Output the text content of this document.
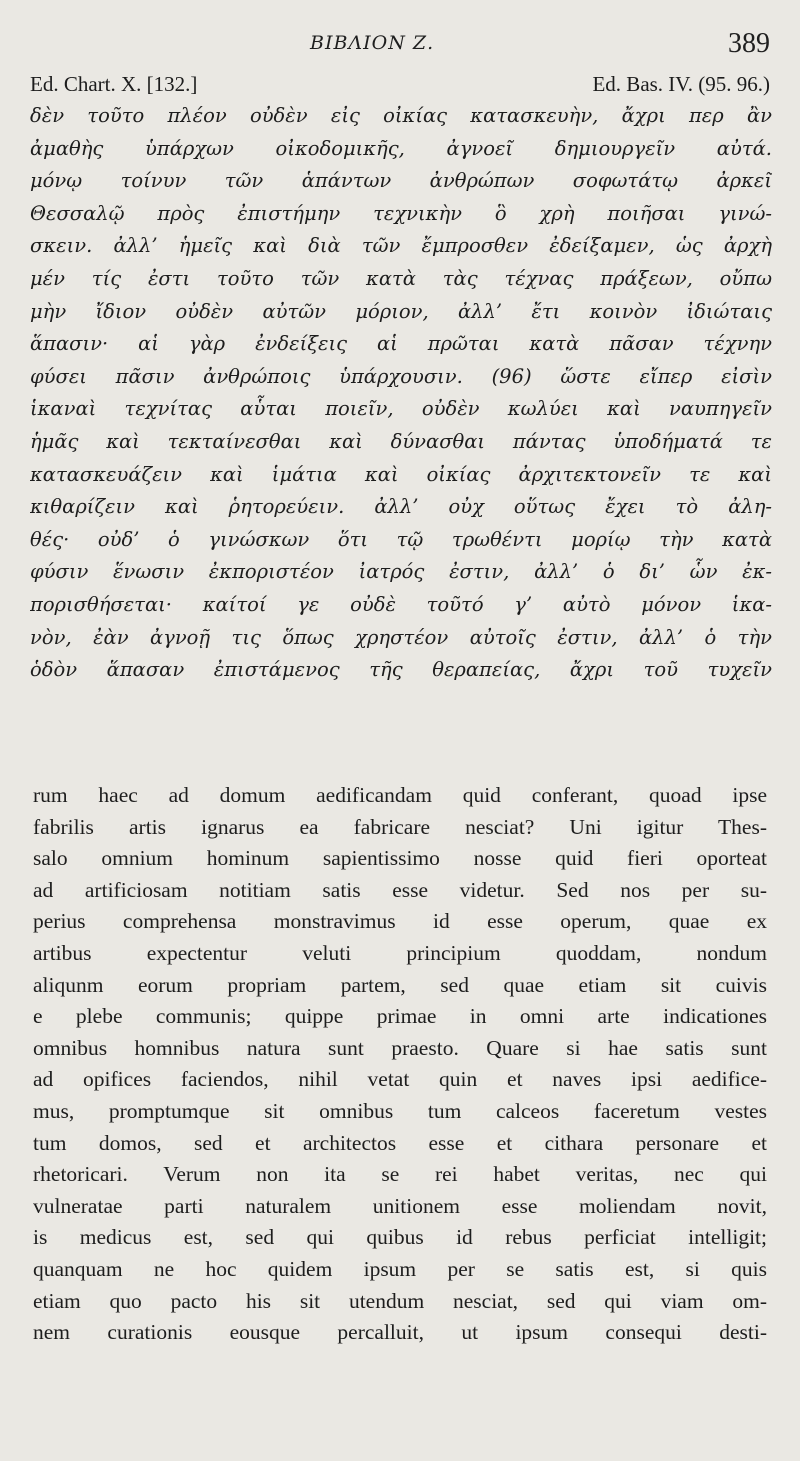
ΒΙΒΛΙΟΝ Ζ.	389
Ed. Chart. X. [132.]	Ed. Bas. IV. (95. 96.)
δὲν τοῦτο πλέον οὐδὲν εἰς οἰκίας κατασκευὴν, ἄχρι περ ἂν
ἀμαθὴς ὑπάρχων οἰκοδομικῆς, ἀγνοεῖ δημιουργεῖν αὐτά.
μόνῳ τοίνυν τῶν ἁπάντων ἀνθρώπων σοφωτάτῳ ἀρκεῖ
Θεσσαλῷ πρὸς ἐπιστήμην τεχνικὴν ὃ χρὴ ποιῆσαι γινώ-
σκειν. ἀλλ’ ἡμεῖς καὶ διὰ τῶν ἔμπροσθεν ἐδείξαμεν, ὡς ἀρχὴ
μέν τίς ἐστι τοῦτο τῶν κατὰ τὰς τέχνας πράξεων, οὔπω
μὴν ἴδιον οὐδὲν αὐτῶν μόριον, ἀλλ’ ἔτι κοινὸν ἰδιώταις
ἅπασιν· αἱ γὰρ ἐνδείξεις αἱ πρῶται κατὰ πᾶσαν τέχνην
φύσει πᾶσιν ἀνθρώποις ὑπάρχουσιν. (96) ὥστε εἴπερ εἰσὶν
ἱκαναὶ τεχνίτας αὗται ποιεῖν, οὐδὲν κωλύει καὶ ναυπηγεῖν
ἡμᾶς καὶ τεκταίνεσθαι καὶ δύνασθαι πάντας ὑποδήματά τε
κατασκευάζειν καὶ ἱμάτια καὶ οἰκίας ἀρχιτεκτονεῖν τε καὶ
κιθαρίζειν καὶ ῥητορεύειν. ἀλλ’ οὐχ οὕτως ἔχει τὸ ἀλη-
θές· οὐδ’ ὁ γινώσκων ὅτι τῷ τρωθέντι μορίῳ τὴν κατὰ
φύσιν ἕνωσιν ἐκποριστέον ἰατρός ἐστιν, ἀλλ’ ὁ δι’ ὧν ἐκ-
πορισθήσεται· καίτοί γε οὐδὲ τοῦτό γ’ αὐτὸ μόνον ἱκα-
νὸν, ἐὰν ἀγνοῇ τις ὅπως χρηστέον αὐτοῖς ἐστιν, ἀλλ’ ὁ τὴν
ὁδὸν ἅπασαν ἐπιστάμενος τῆς θεραπείας, ἄχρι τοῦ τυχεῖν
rum haec ad domum aedificandam quid conferant, quoad ipse
fabrilis artis ignarus ea fabricare nesciat? Uni igitur Thes-
salo omnium hominum sapientissimo nosse quid fieri oporteat
ad artificiosam notitiam satis esse videtur. Sed nos per su-
perius comprehensa monstravimus id esse operum, quae ex
artibus expectentur veluti principium quoddam, nondum
aliqunm eorum propriam partem, sed quae etiam sit cuivis
e plebe communis; quippe primae in omni arte indicationes
omnibus homnibus natura sunt praesto. Quare si hae satis sunt
ad opifices faciendos, nihil vetat quin et naves ipsi aedifice-
mus, promptumque sit omnibus tum calceos faceretum vestes
tum domos, sed et architectos esse et cithara personare et
rhetoricari. Verum non ita se rei habet veritas, nec qui
vulneratae parti naturalem unitionem esse moliendam novit,
is medicus est, sed qui quibus id rebus perficiat intelligit;
quanquam ne hoc quidem ipsum per se satis est, si quis
etiam quo pacto his sit utendum nesciat, sed qui viam om-
nem curationis eousque percalluit, ut ipsum consequi desti-
